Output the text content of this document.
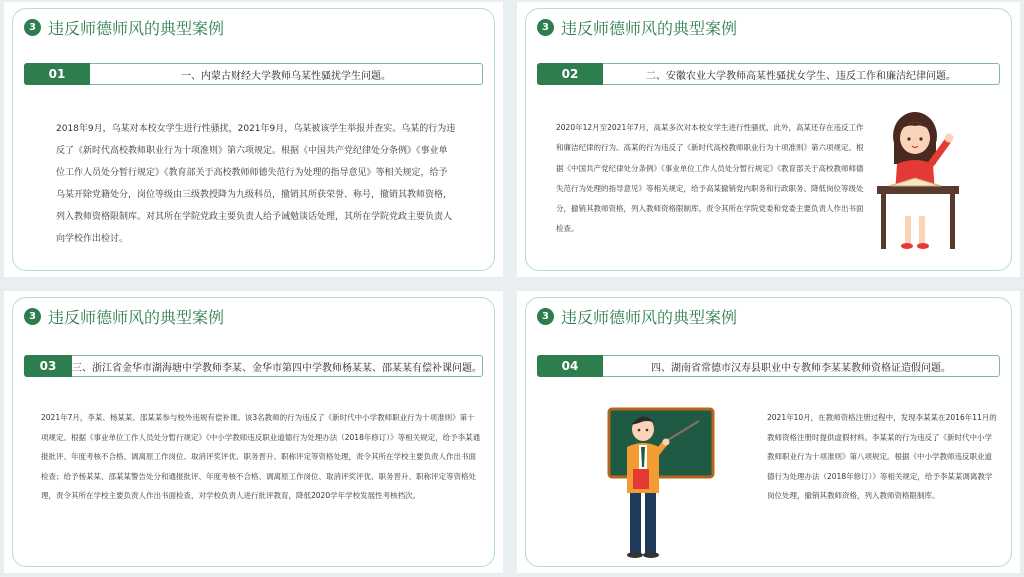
3 违反师德师风的典型案例
01	一、内蒙古财经大学教师乌某性骚扰学生问题。
2018年9月，乌某对本校女学生进行性骚扰，2021年9月，乌某被该学生举报并查实。乌某的行为违反了《新时代高校教师职业行为十项准则》第六项规定。根据《中国共产党纪律处分条例》《事业单位工作人员处分暂行规定》《教育部关于高校教师师德失范行为处理的指导意见》等相关规定，给予乌某开除党籍处分，岗位等级由三级教授降为九级科员，撤销其所获荣誉、称号，撤销其教师资格，列入教师资格限制库。对其所在学院党政主要负责人给予诫勉谈话处理，其所在学院党政主要负责人向学校作出检讨。
3 违反师德师风的典型案例
02	二、安徽农业大学教师高某性骚扰女学生、违反工作和廉洁纪律问题。
2020年12月至2021年7月，高某多次对本校女学生进行性骚扰，此外，高某还存在违反工作和廉洁纪律的行为。高某的行为违反了《新时代高校教师职业行为十项准则》第六项规定。根据《中国共产党纪律处分条例》《事业单位工作人员处分暂行规定》《教育部关于高校教师师德失范行为处理的指导意见》等相关规定，给予高某撤销党内职务和行政职务、降低岗位等级处分，撤销其教师资格，列入教师资格限制库。责令其所在学院党委和党委主要负责人作出书面检查。
3 违反师德师风的典型案例
03	三、浙江省金华市湖海塘中学教师李某、金华市第四中学教师杨某某、邵某某有偿补课问题。
2021年7月，李某、杨某某、邵某某参与校外违规有偿补课。该3名教师的行为违反了《新时代中小学教师职业行为十项准则》第十项规定。根据《事业单位工作人员处分暂行规定》《中小学教师违反职业道德行为处理办法（2018年修订）》等相关规定，给予李某通报批评、年度考核不合格、调离原工作岗位、取消评奖评优、职务晋升、职称评定等资格处理，责令其所在学校主要负责人作出书面检查；给予杨某某、邵某某警告处分和通报批评、年度考核不合格、调离原工作岗位、取消评奖评优、职务晋升、职称评定等资格处理，责令其所在学校主要负责人作出书面检查，对学校负责人进行批评教育，降低2020学年学校发展性考核档次。
3 违反师德师风的典型案例
04	四、湖南省常德市汉寿县职业中专教师李某某教师资格证造假问题。
2021年10月，在教师资格注册过程中，发现李某某在2016年11月的教师资格注册时提供虚假材料。李某某的行为违反了《新时代中小学教师职业行为十项准则》第八项规定。根据《中小学教师违反职业道德行为处理办法（2018年修订）》等相关规定，给予李某某调离教学岗位处理，撤销其教师资格，列入教师资格限制库。
